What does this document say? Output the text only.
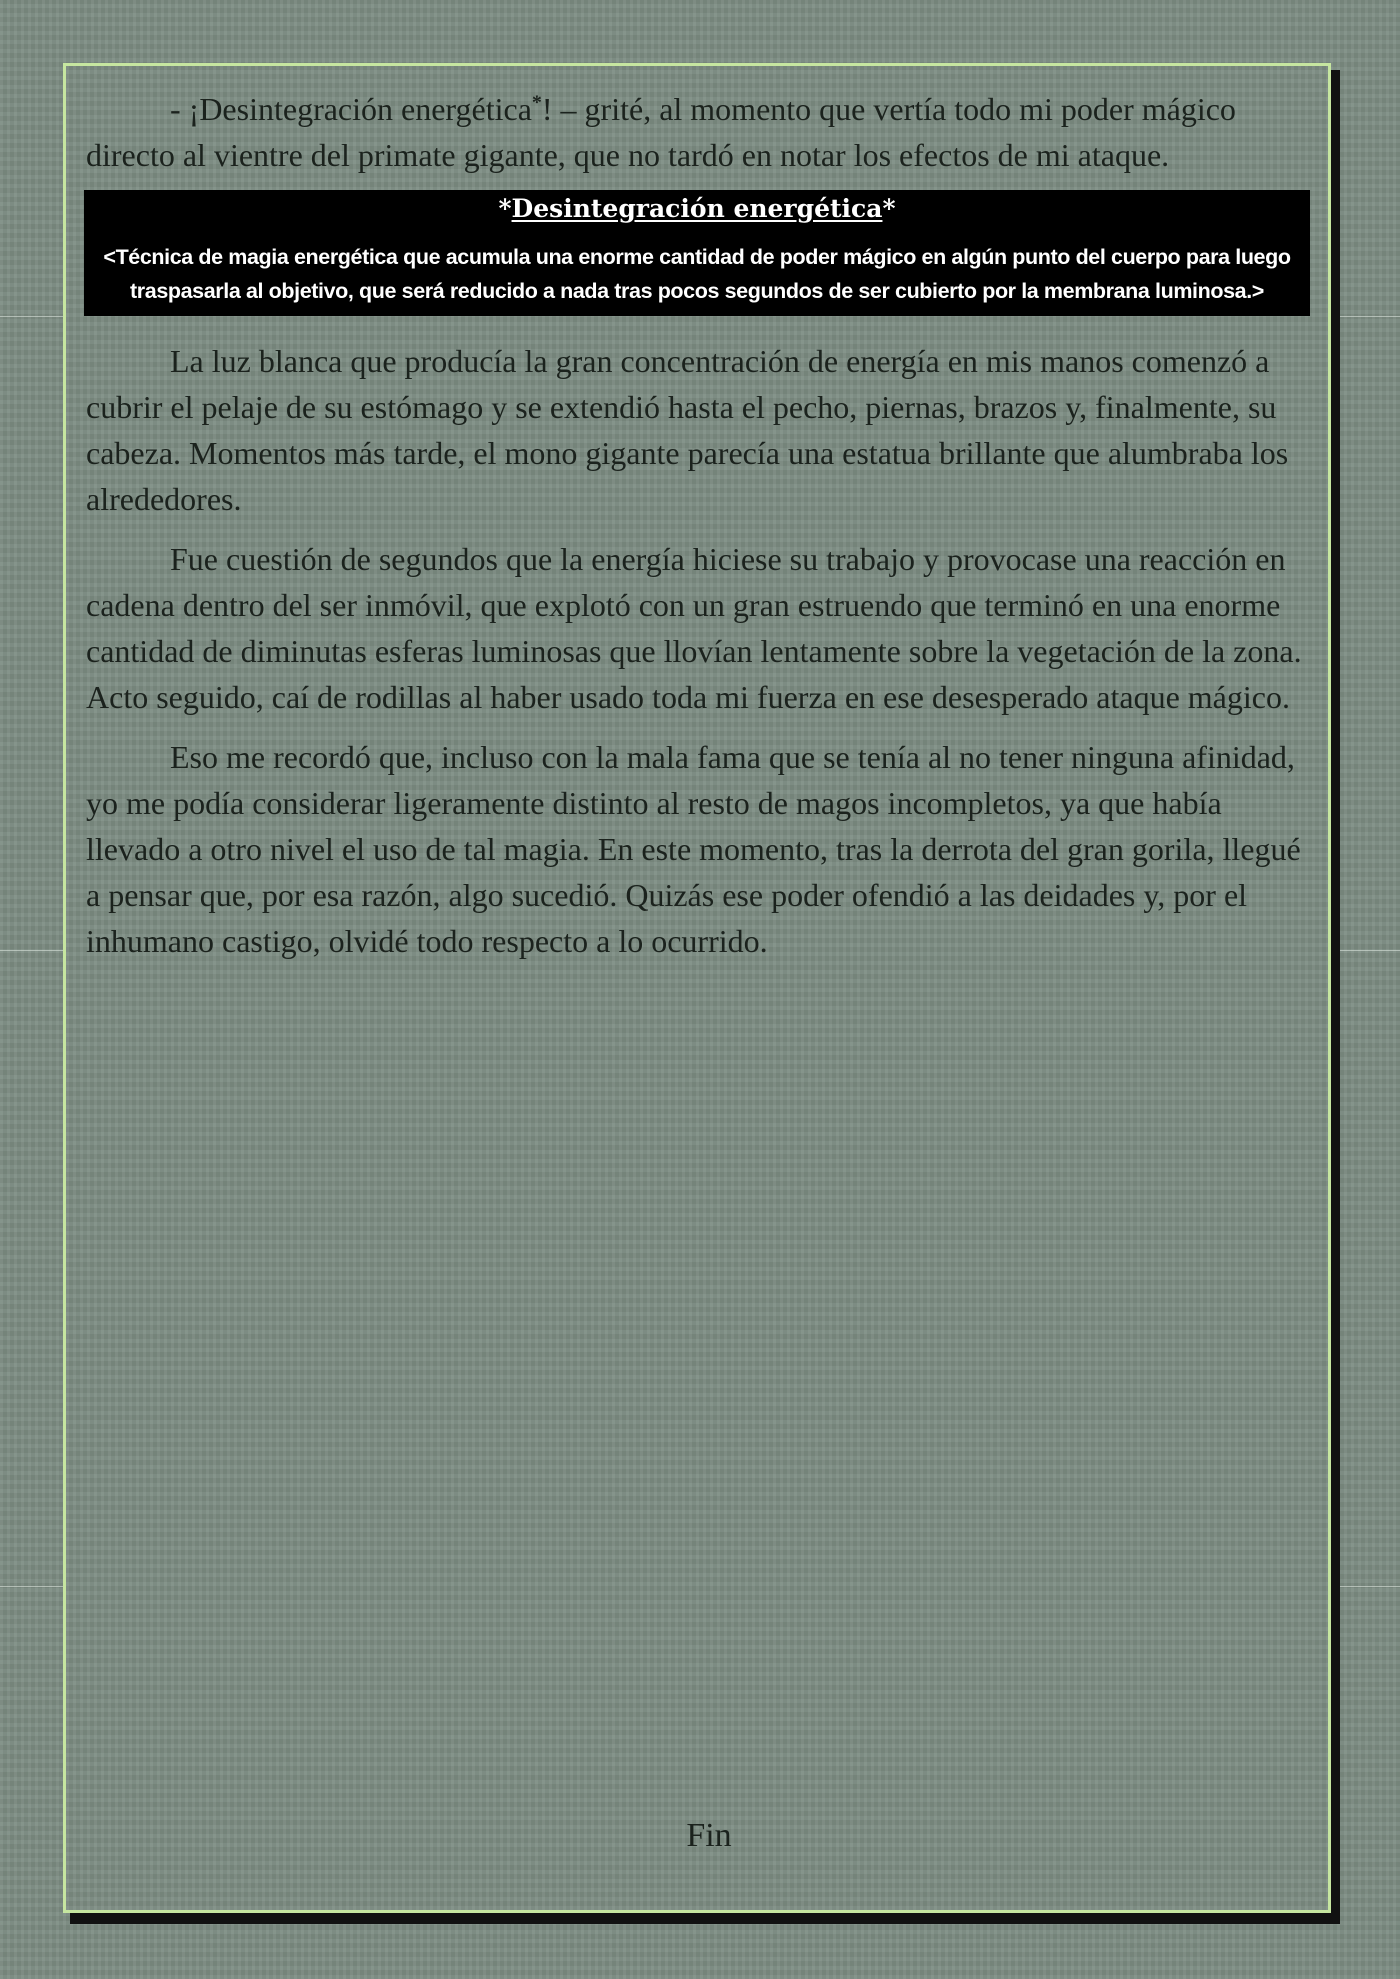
- ¡Desintegración energética*! – grité, al momento que vertía todo mi poder mágico directo al vientre del primate gigante, que no tardó en notar los efectos de mi ataque.

*Desintegración energética*

<Técnica de magia energética que acumula una enorme cantidad de poder mágico en algún punto del cuerpo para luego traspasarla al objetivo, que será reducido a nada tras pocos segundos de ser cubierto por la membrana luminosa.>

La luz blanca que producía la gran concentración de energía en mis manos comenzó a cubrir el pelaje de su estómago y se extendió hasta el pecho, piernas, brazos y, finalmente, su cabeza. Momentos más tarde, el mono gigante parecía una estatua brillante que alumbraba los alrededores.

Fue cuestión de segundos que la energía hiciese su trabajo y provocase una reacción en cadena dentro del ser inmóvil, que explotó con un gran estruendo que terminó en una enorme cantidad de diminutas esferas luminosas que llovían lentamente sobre la vegetación de la zona. Acto seguido, caí de rodillas al haber usado toda mi fuerza en ese desesperado ataque mágico.

Eso me recordó que, incluso con la mala fama que se tenía al no tener ninguna afinidad, yo me podía considerar ligeramente distinto al resto de magos incompletos, ya que había llevado a otro nivel el uso de tal magia. En este momento, tras la derrota del gran gorila, llegué a pensar que, por esa razón, algo sucedió. Quizás ese poder ofendió a las deidades y, por el inhumano castigo, olvidé todo respecto a lo ocurrido.

Fin
